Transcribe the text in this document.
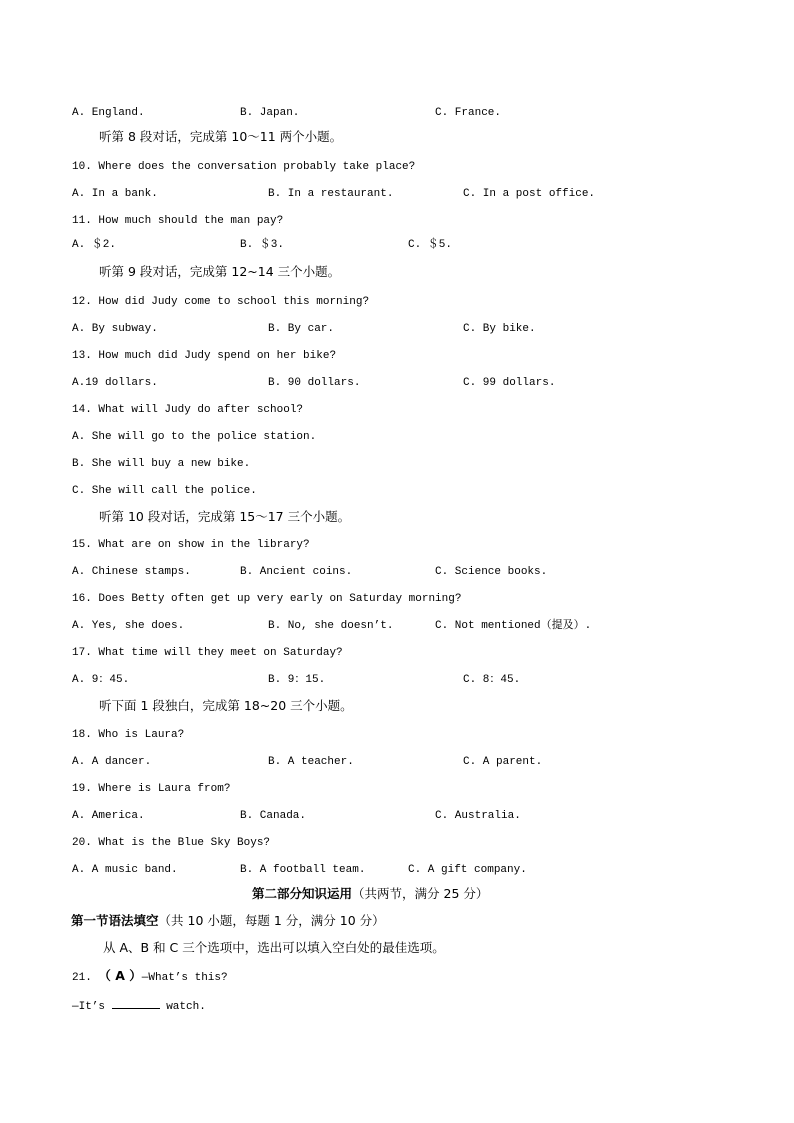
A. England.	B. Japan.	C. France.
听第 8 段对话，完成第 10～11 两个小题。
10. Where does the conversation probably take place?
A. In a bank.	B. In a restaurant.	C. In a post office.
11. How much should the man pay?
A. ＄2.	B. ＄3.	C. ＄5.
听第 9 段对话，完成第 12~14 三个小题。
12. How did Judy come to school this morning?
A. By subway.	B. By car.	C. By bike.
13. How much did Judy spend on her bike?
A.19 dollars.	B. 90 dollars.	C. 99 dollars.
14. What will Judy do after school?
A. She will go to the police station.
B. She will buy a new bike.
C. She will call the police.
听第 10 段对话，完成第 15～17 三个小题。
15. What are on show in the library?
A. Chinese stamps.	B. Ancient coins.	C. Science books.
16. Does Betty often get up very early on Saturday morning?
A. Yes, she does.	B. No, she doesn’t.	C. Not mentioned（提及）.
17. What time will they meet on Saturday?
A. 9：45.	B. 9：15.	C. 8：45.
听下面 1 段独白，完成第 18~20 三个小题。
18. Who is Laura?
A. A dancer.	B. A teacher.	C. A parent.
19. Where is Laura from?
A. America.	B. Canada.	C. Australia.
20. What is the Blue Sky Boys?
A. A music band.	B. A football team.	C. A gift company.
第二部分知识运用（共两节，满分 25 分）
第一节语法填空（共 10 小题，每题 1 分，满分 10 分）
从 A、B 和 C 三个选项中，选出可以填入空白处的最佳选项。
21. （ A ）—What’s this?
—It’s	watch.
